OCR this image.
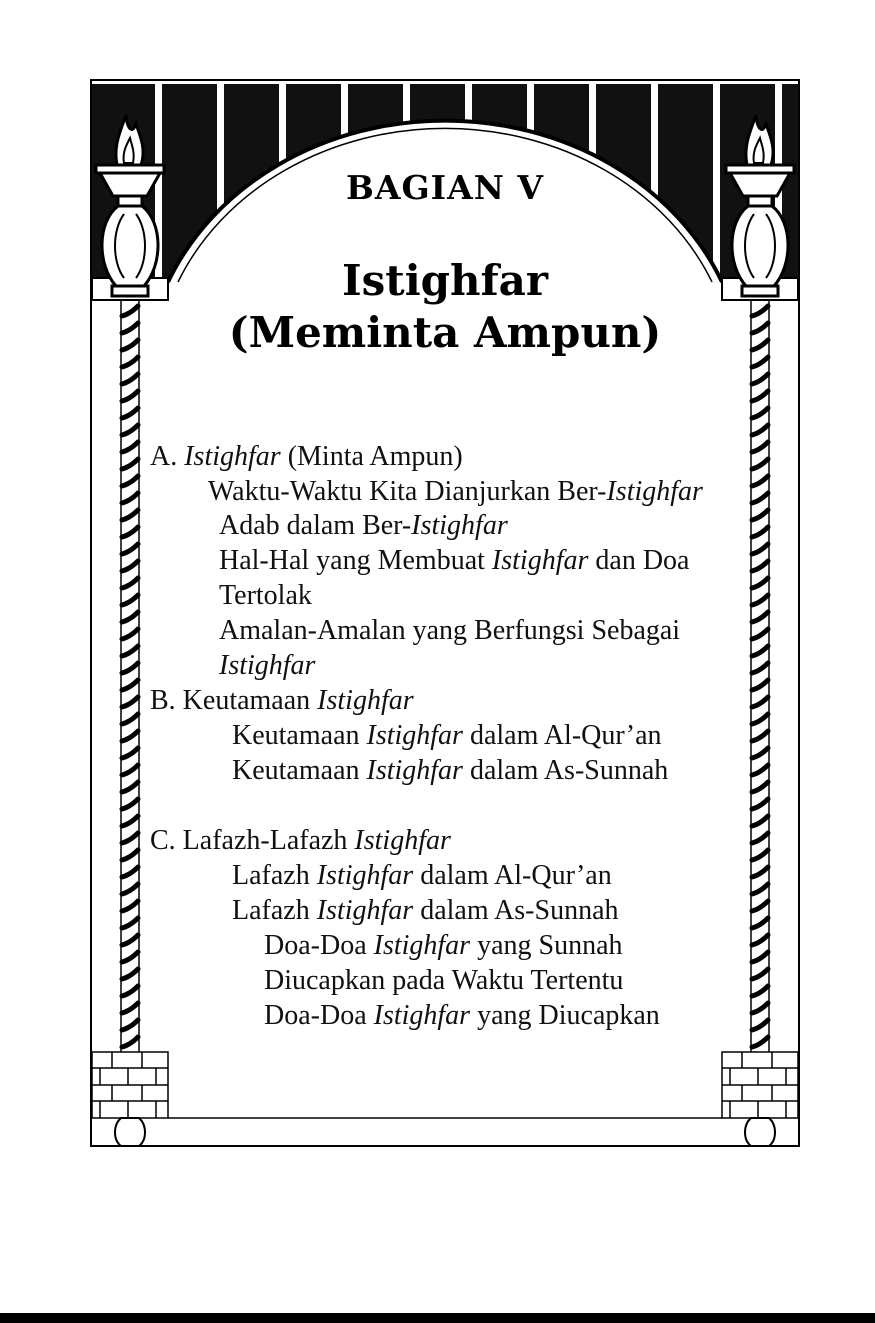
BAGIAN V
Istighfar
(Meminta Ampun)
A. Istighfar (Minta Ampun)
Waktu-Waktu Kita Dianjurkan Ber-Istighfar
Adab dalam Ber-Istighfar
Hal-Hal yang Membuat Istighfar dan Doa
Tertolak
Amalan-Amalan yang Berfungsi Sebagai
Istighfar
B. Keutamaan Istighfar
Keutamaan Istighfar dalam Al-Qur’an
Keutamaan Istighfar dalam As-Sunnah
C. Lafazh-Lafazh Istighfar
Lafazh Istighfar dalam Al-Qur’an
Lafazh Istighfar dalam As-Sunnah
Doa-Doa Istighfar yang Sunnah
Diucapkan pada Waktu Tertentu
Doa-Doa Istighfar yang Diucapkan
